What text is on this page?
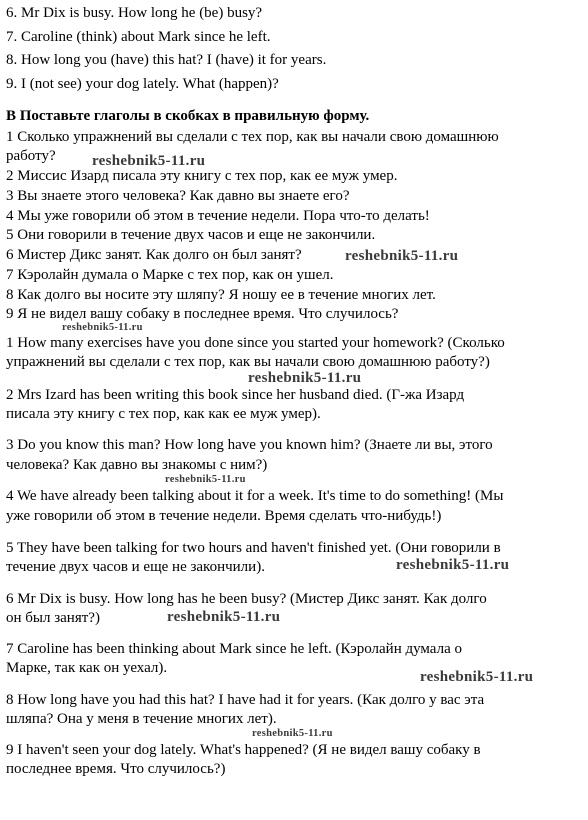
6. Mr Dix is busy. How long he (be) busy?
7. Caroline (think) about Mark since he left.
8. How long you (have) this hat? I (have) it for years.
9. I (not see) your dog lately. What (happen)?
В Поставьте глаголы в скобках в правильную форму.
1 Сколько упражнений вы сделали с тех пор, как вы начали свою домашнюю
работу?
2 Миссис Изард писала эту книгу с тех пор, как ее муж умер.
3 Вы знаете этого человека? Как давно вы знаете его?
4 Мы уже говорили об этом в течение недели. Пора что-то делать!
5 Они говорили в течение двух часов и еще не закончили.
6 Мистер Дикс занят. Как долго он был занят?
7 Кэролайн думала о Марке с тех пор, как он ушел.
8 Как долго вы носите эту шляпу? Я ношу ее в течение многих лет.
9 Я не видел вашу собаку в последнее время. Что случилось?
1 How many exercises have you done since you started your homework? (Сколько
упражнений вы сделали с тех пор, как вы начали свою домашнюю работу?)
2 Mrs Izard has been writing this book since her husband died. (Г-жа Изард
писала эту книгу с тех пор, как как ее муж умер).
3 Do you know this man? How long have you known him? (Знаете ли вы, этого
человека? Как давно вы знакомы с ним?)
4 We have already been talking about it for a week. It's time to do something! (Мы
уже говорили об этом в течение недели. Время сделать что-нибудь!)
5 They have been talking for two hours and haven't finished yet. (Они говорили в
течение двух часов и еще не закончили).
6 Mr Dix is busy. How long has he been busy? (Мистер Дикс занят. Как долго
он был занят?)
7 Caroline has been thinking about Mark since he left. (Кэролайн думала о
Марке, так как он уехал).
8 How long have you had this hat? I have had it for years. (Как долго у вас эта
шляпа? Она у меня в течение многих лет).
9 I haven't seen your dog lately. What's happened? (Я не видел вашу собаку в
последнее время. Что случилось?)
reshebnik5-11.ru
reshebnik5-11.ru
reshebnik5-11.ru
reshebnik5-11.ru
reshebnik5-11.ru
reshebnik5-11.ru
reshebnik5-11.ru
reshebnik5-11.ru
reshebnik5-11.ru
